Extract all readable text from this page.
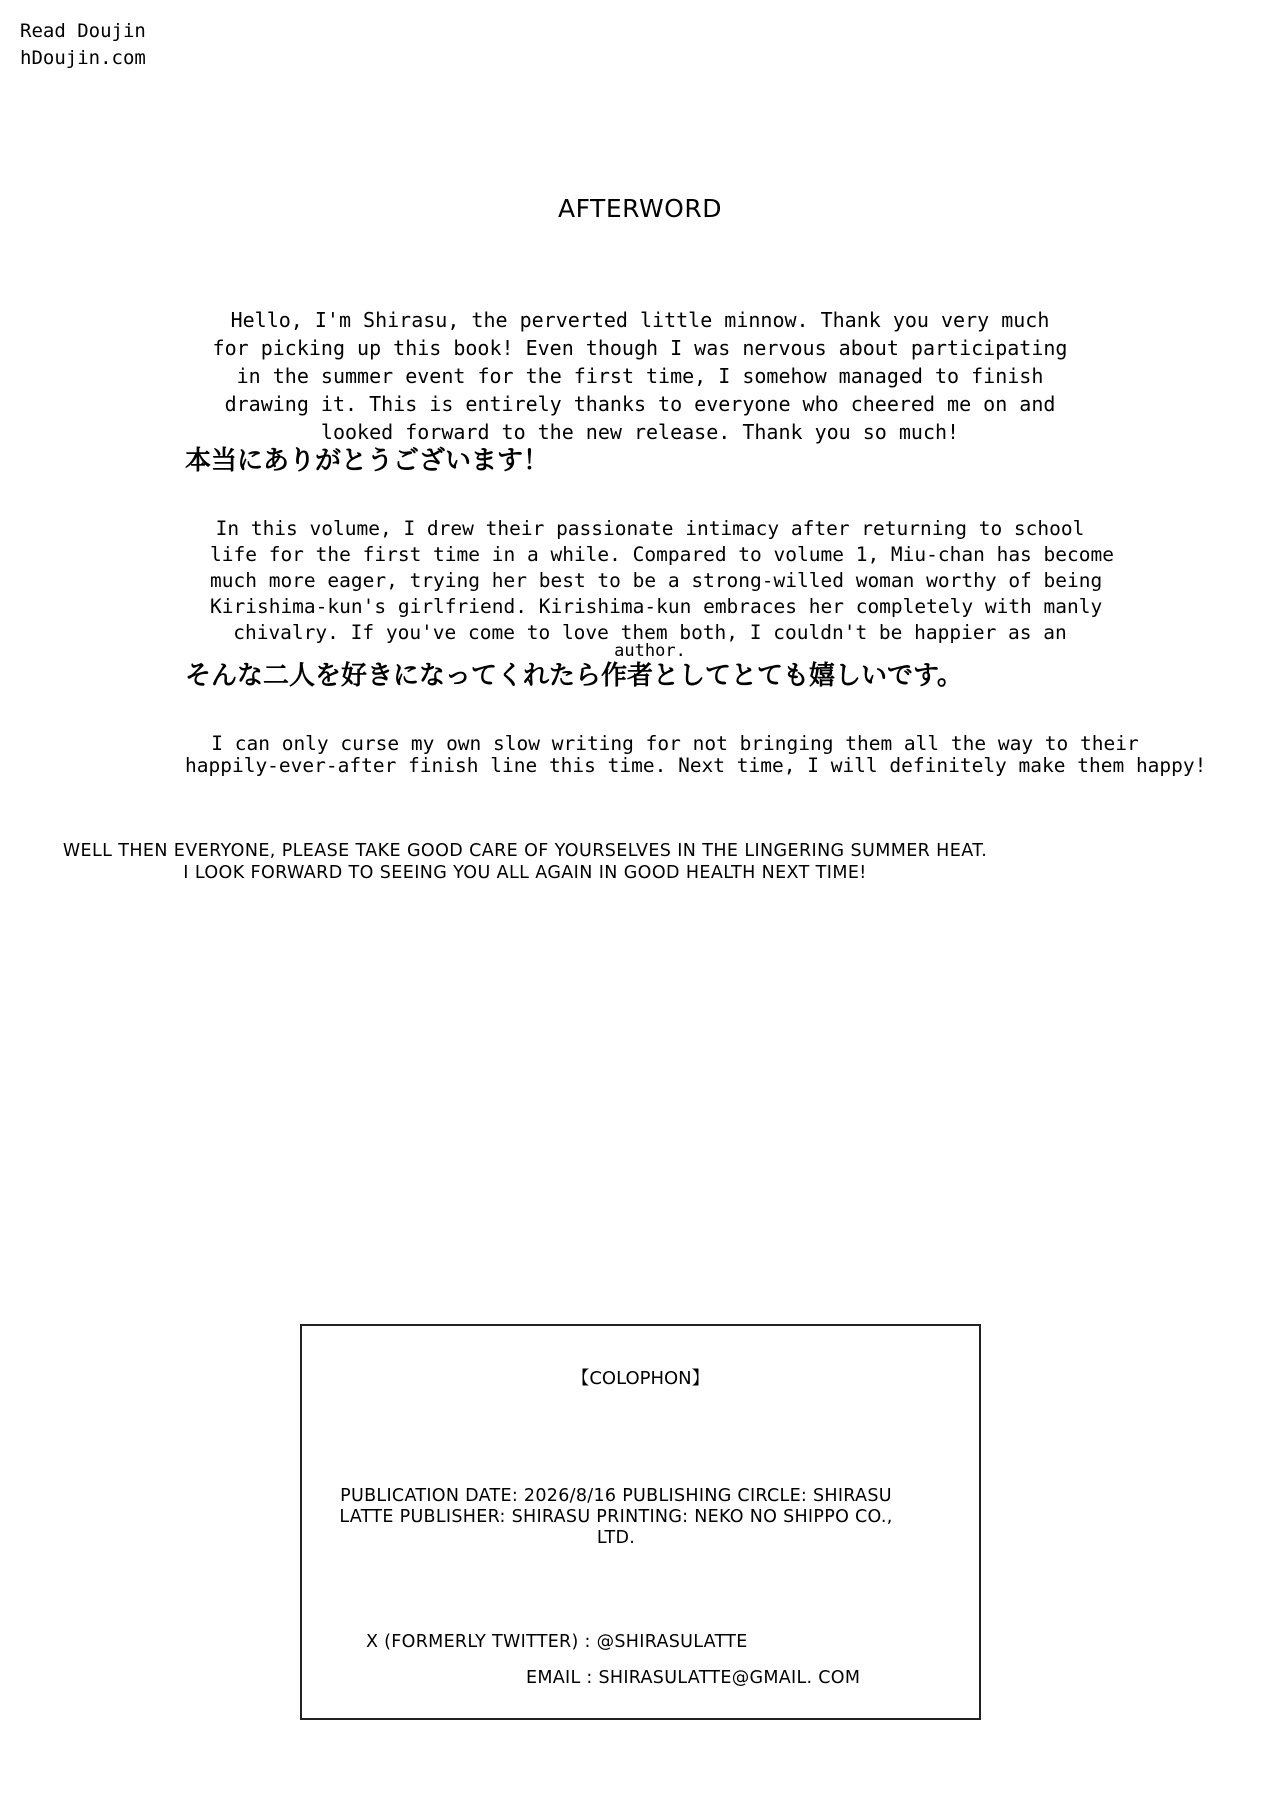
Read Doujin
hDoujin.com
AFTERWORD
Hello, I'm Shirasu, the perverted little minnow. Thank you very much
for picking up this book! Even though I was nervous about participating
in the summer event for the first time, I somehow managed to finish
drawing it. This is entirely thanks to everyone who cheered me on and
looked forward to the new release. Thank you so much!
本当にありがとうございます！
In this volume, I drew their passionate intimacy after returning to school
life for the first time in a while. Compared to volume 1, Miu-chan has become
much more eager, trying her best to be a strong-willed woman worthy of being
Kirishima-kun's girlfriend. Kirishima-kun embraces her completely with manly
chivalry. If you've come to love them both, I couldn't be happier as an
author.
そんな二人を好きになってくれたら作者としてとても嬉しいです。
I can only curse my own slow writing for not bringing them all the way to their
happily-ever-after finish line this time. Next time, I will definitely make them happy!
WELL THEN EVERYONE, PLEASE TAKE GOOD CARE OF YOURSELVES IN THE LINGERING SUMMER HEAT.
I LOOK FORWARD TO SEEING YOU ALL AGAIN IN GOOD HEALTH NEXT TIME!
【COLOPHON】
PUBLICATION DATE: 2026/8/16 PUBLISHING CIRCLE: SHIRASU
LATTE PUBLISHER: SHIRASU PRINTING: NEKO NO SHIPPO CO.,
LTD.
X (FORMERLY TWITTER) : @SHIRASULATTE
EMAIL : SHIRASULATTE@GMAIL. COM
